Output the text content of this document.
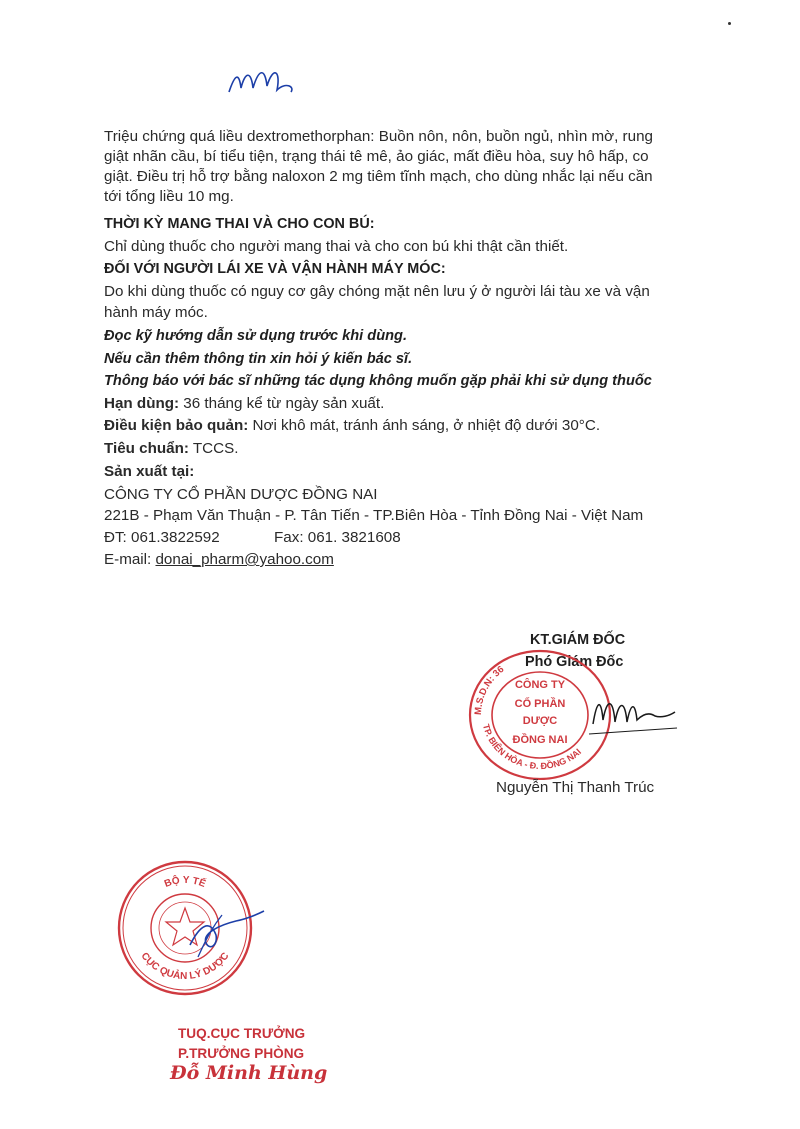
Triệu chứng quá liều dextromethorphan: Buồn nôn, nôn, buồn ngủ, nhìn mờ, rung
giật nhãn cầu, bí tiểu tiện, trạng thái tê mê, ảo giác, mất điều hòa, suy hô hấp, co
giật. Điều trị hỗ trợ bằng naloxon 2 mg tiêm tĩnh mạch, cho dùng nhắc lại nếu cần
tới tổng liều 10 mg.
THỜI KỲ MANG THAI VÀ CHO CON BÚ:
Chỉ dùng thuốc cho người mang thai và cho con bú khi thật cần thiết.
ĐỐI VỚI NGƯỜI LÁI XE VÀ VẬN HÀNH MÁY MÓC:
Do khi dùng thuốc có nguy cơ gây chóng mặt nên lưu ý ở người lái tàu xe và vận
hành máy móc.
Đọc kỹ hướng dẫn sử dụng trước khi dùng.
Nếu cần thêm thông tin xin hỏi ý kiến bác sĩ.
Thông báo với bác sĩ những tác dụng không muốn gặp phải khi sử dụng thuốc
Hạn dùng: 36 tháng kể từ ngày sản xuất.
Điều kiện bảo quản: Nơi khô mát, tránh ánh sáng, ở nhiệt độ dưới 30°C.
Tiêu chuẩn: TCCS.
Sản xuất tại:
CÔNG TY CỔ PHẦN DƯỢC ĐỒNG NAI
221B - Phạm Văn Thuận - P. Tân Tiến - TP.Biên Hòa - Tỉnh Đồng Nai - Việt Nam
ĐT: 061.3822592	Fax: 061. 3821608
E-mail: donai_pharm@yahoo.com
KT.GIÁM ĐỐC
Phó Giám Đốc
M.S.D.N: 36
TP. BIÊN HÒA - Đ. ĐỒNG NAI
CÔNG TY
CỔ PHẦN
DƯỢC
ĐỒNG NAI
Nguyễn Thị Thanh Trúc
BỘ Y TẾ
CỤC QUẢN LÝ DƯỢC
TUQ.CỤC TRƯỞNG
P.TRƯỞNG PHÒNG
Đỗ Minh Hùng
